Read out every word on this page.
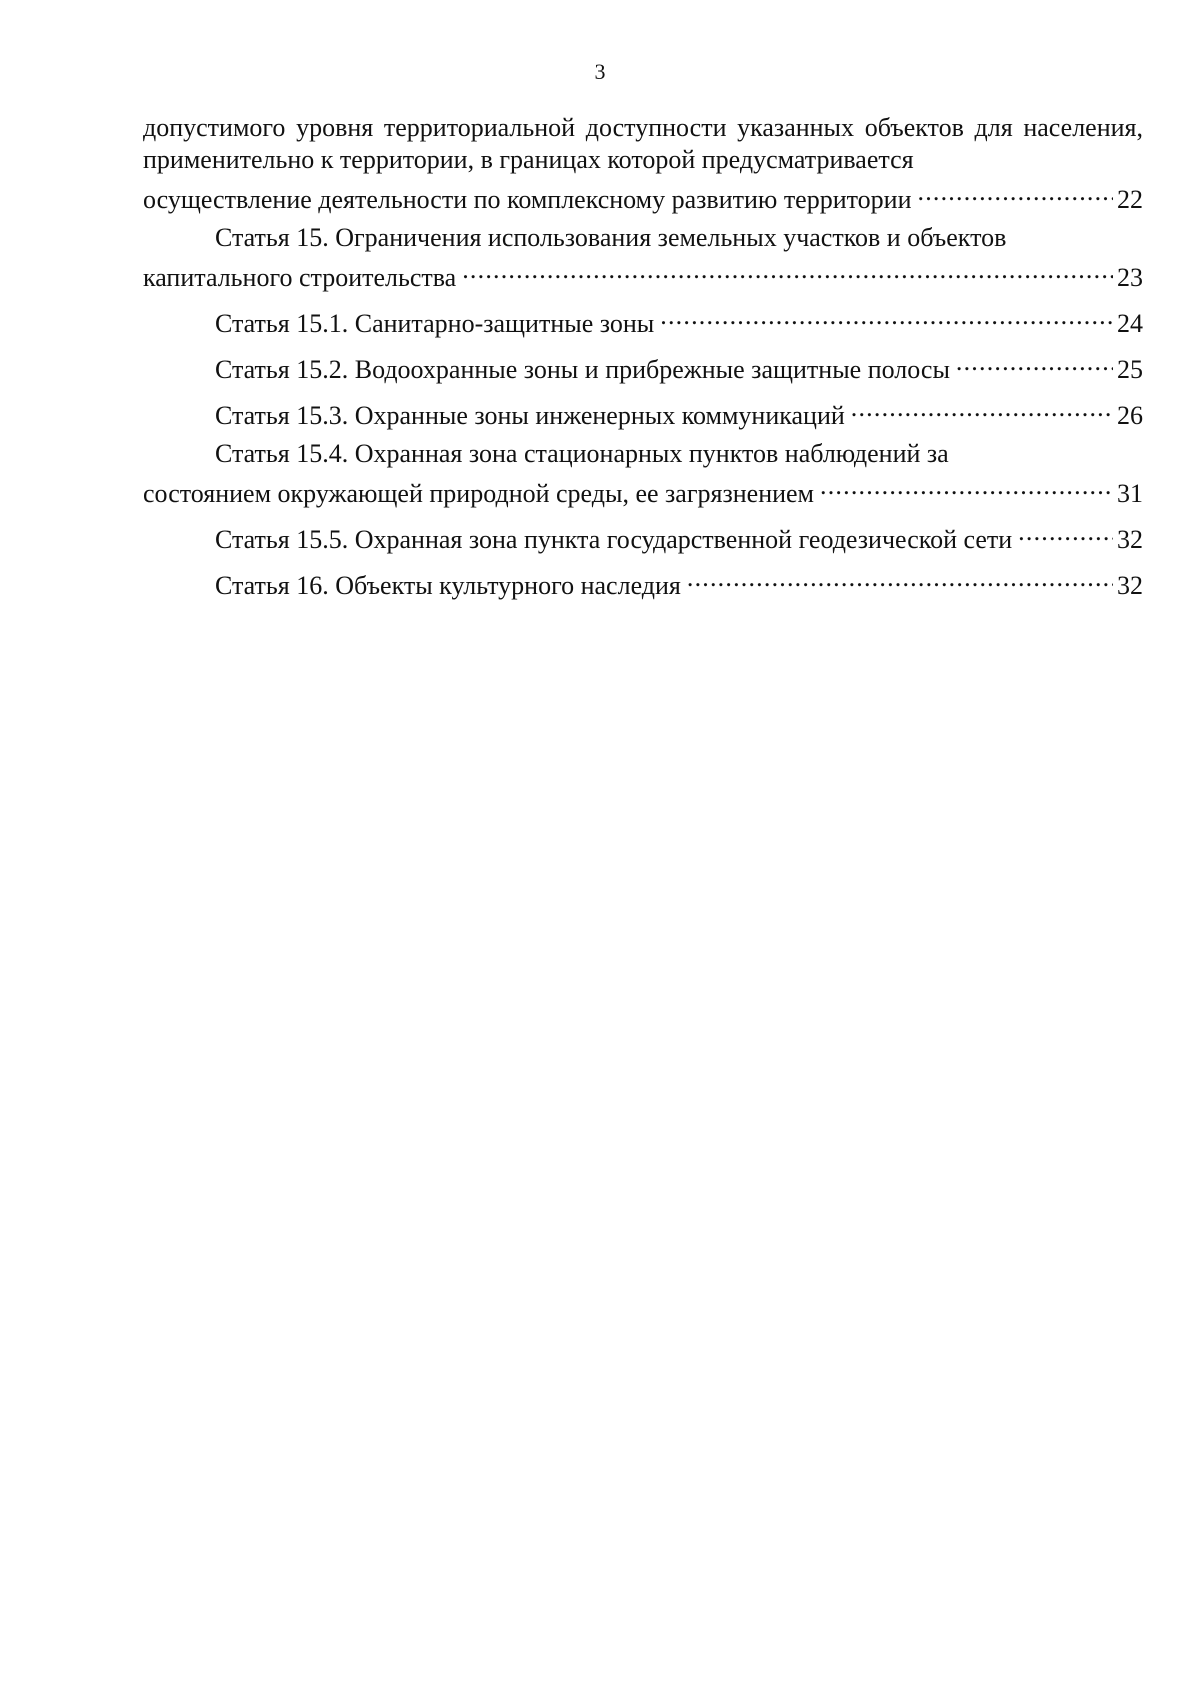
3
допустимого уровня территориальной доступности указанных объектов для населения, применительно к территории, в границах которой предусматривается
осуществление деятельности по комплексному развитию территории .....	22
Статья 15. Ограничения использования земельных участков и объектов
капитального строительства .....	23
Статья 15.1. Санитарно-защитные зоны .....	24
Статья 15.2. Водоохранные зоны и прибрежные защитные полосы .....	25
Статья 15.3. Охранные зоны инженерных коммуникаций .....	26
Статья 15.4. Охранная зона стационарных пунктов наблюдений за
состоянием окружающей природной среды, ее загрязнением .....	31
Статья 15.5. Охранная зона пункта государственной геодезической сети .....	32
Статья 16. Объекты культурного наследия .....	32
